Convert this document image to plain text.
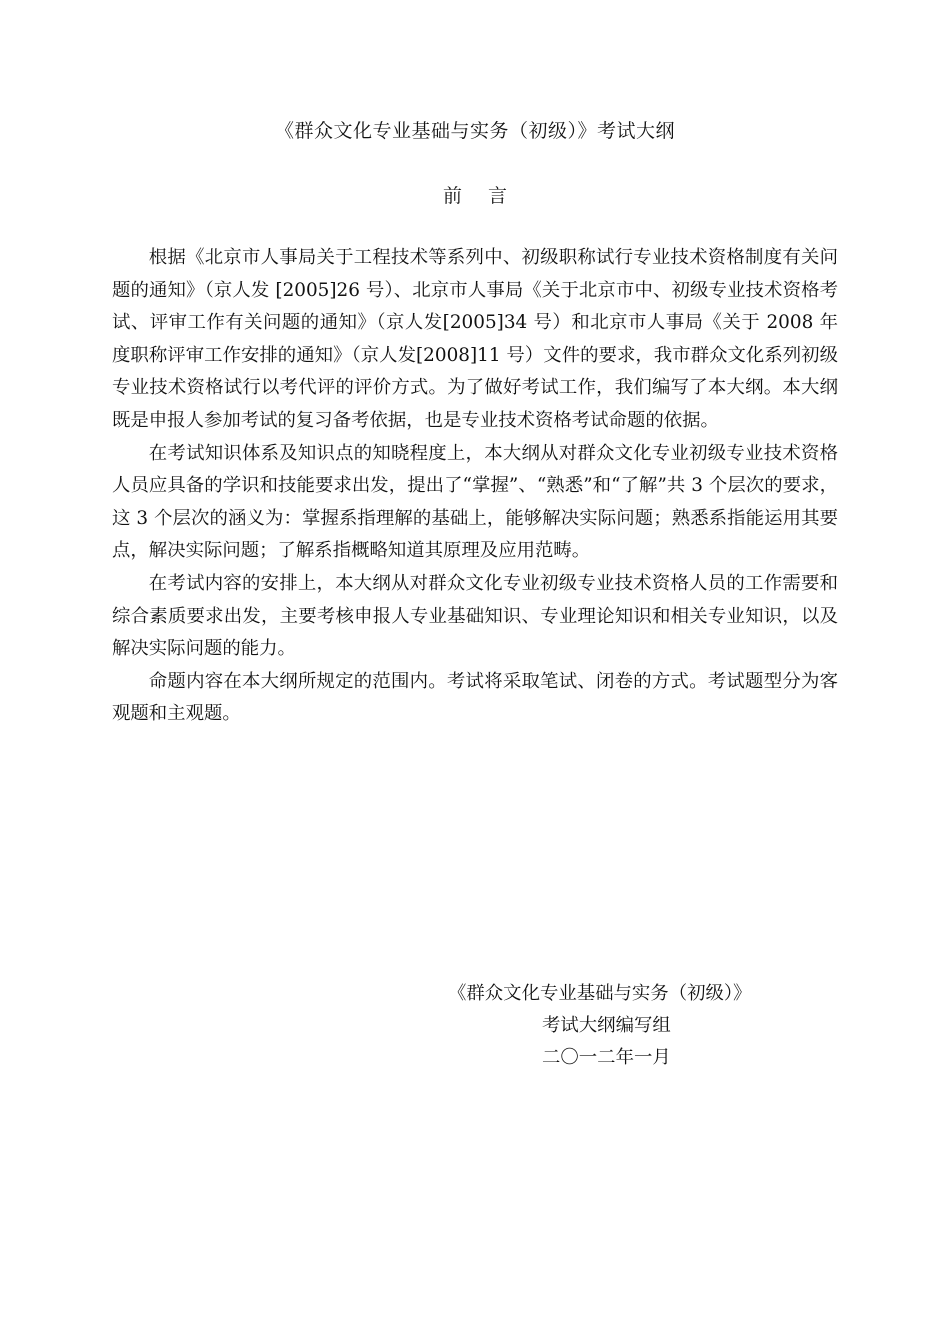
《群众文化专业基础与实务（初级）》考试大纲
前 言

根据《北京市人事局关于工程技术等系列中、初级职称试行专业技术资格制度有关问题的通知》（京人发 [2005]26 号）、北京市人事局《关于北京市中、初级专业技术资格考试、评审工作有关问题的通知》（京人发[2005]34 号）和北京市人事局《关于 2008 年度职称评审工作安排的通知》（京人发[2008]11 号）文件的要求，我市群众文化系列初级专业技术资格试行以考代评的评价方式。为了做好考试工作，我们编写了本大纲。本大纲既是申报人参加考试的复习备考依据，也是专业技术资格考试命题的依据。

在考试知识体系及知识点的知晓程度上，本大纲从对群众文化专业初级专业技术资格人员应具备的学识和技能要求出发，提出了“掌握”、“熟悉”和“了解”共 3 个层次的要求，这 3 个层次的涵义为：掌握系指理解的基础上，能够解决实际问题；熟悉系指能运用其要点，解决实际问题；了解系指概略知道其原理及应用范畴。

在考试内容的安排上，本大纲从对群众文化专业初级专业技术资格人员的工作需要和综合素质要求出发，主要考核申报人专业基础知识、专业理论知识和相关专业知识，以及解决实际问题的能力。

命题内容在本大纲所规定的范围内。考试将采取笔试、闭卷的方式。考试题型分为客观题和主观题。

《群众文化专业基础与实务（初级）》
考试大纲编写组
二〇一二年一月
